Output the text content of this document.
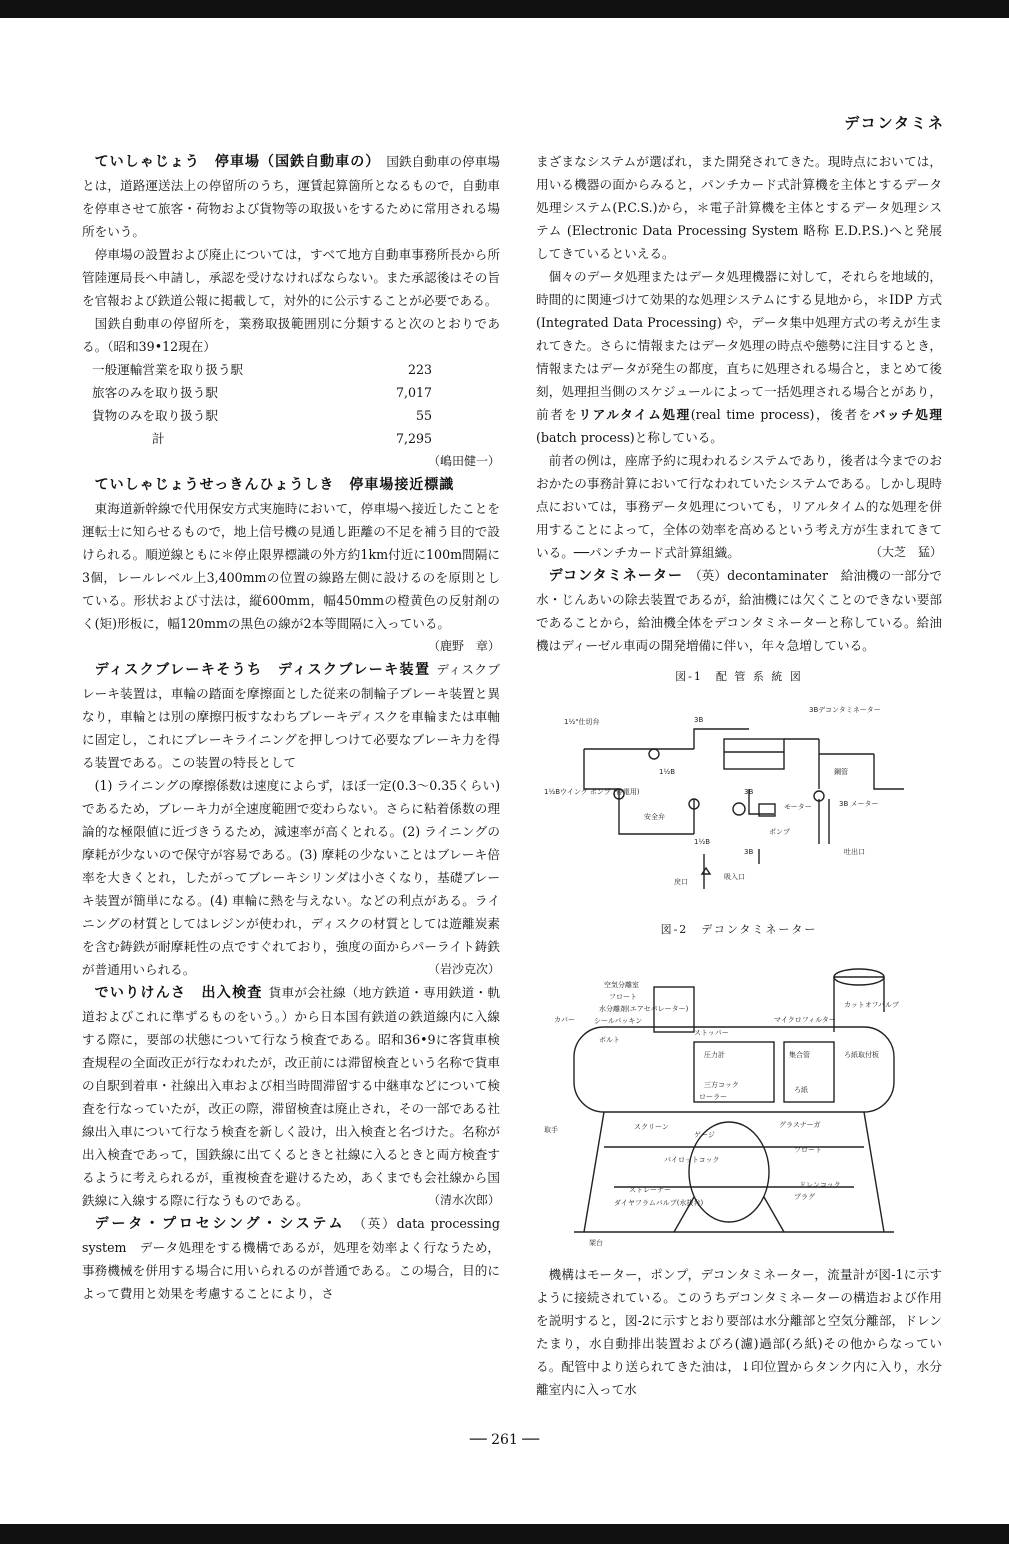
デコンタミネ

ていしゃじょう　停車場（国鉄自動車の） 国鉄自動車の停車場とは，道路運送法上の停留所のうち，運賃起算箇所となるもので，自動車を停車させて旅客・荷物および貨物等の取扱いをするために常用される場所をいう。

停車場の設置および廃止については，すべて地方自動車事務所長から所管陸運局長へ申請し，承認を受けなければならない。また承認後はその旨を官報および鉄道公報に掲載して，対外的に公示することが必要である。

国鉄自動車の停留所を，業務取扱範囲別に分類すると次のとおりである。（昭和39•12現在）

一般運輸営業を取り扱う駅	223
旅客のみを取り扱う駅	7,017
貨物のみを取り扱う駅	55
計	7,295

（嶋田健一）

ていしゃじょうせっきんひょうしき　停車場接近標識

東海道新幹線で代用保安方式実施時において，停車場へ接近したことを運転士に知らせるもので，地上信号機の見通し距離の不足を補う目的で設けられる。順逆線ともに＊停止限界標識の外方約1km付近に100m間隔に3個，レールレベル上3,400mmの位置の線路左側に設けるのを原則としている。形状および寸法は，縦600mm，幅450mmの橙黄色の反射剤のく(矩)形板に，幅120mmの黒色の線が2本等間隔に入っている。

（鹿野　章）

ディスクブレーキそうち　ディスクブレーキ装置 ディスクブレーキ装置は，車輪の踏面を摩擦面とした従来の制輪子ブレーキ装置と異なり，車輪とは別の摩擦円板すなわちブレーキディスクを車輪または車軸に固定し，これにブレーキライニングを押しつけて必要なブレーキ力を得る装置である。この装置の特長として

(1) ライニングの摩擦係数は速度によらず，ほぼ一定(0.3～0.35くらい)であるため，ブレーキ力が全速度範囲で変わらない。さらに粘着係数の理論的な極限値に近づきうるため，減速率が高くとれる。(2) ライニングの摩耗が少ないので保守が容易である。(3) 摩耗の少ないことはブレーキ倍率を大きくとれ，したがってブレーキシリンダは小さくなり，基礎ブレーキ装置が簡単になる。(4) 車輪に熱を与えない。などの利点がある。ライニングの材質としてはレジンが使われ，ディスクの材質としては遊離炭素を含む鋳鉄が耐摩耗性の点ですぐれており，強度の面からパーライト鋳鉄が普通用いられる。	（岩沙克次）

でいりけんさ　出入検査 貨車が会社線（地方鉄道・専用鉄道・軌道およびこれに準ずるものをいう。）から日本国有鉄道の鉄道線内に入線する際に，要部の状態について行なう検査である。昭和36•9に客貨車検査規程の全面改正が行なわれたが，改正前には滞留検査という名称で貨車の自駅到着車・社線出入車および相当時間滞留する中継車などについて検査を行なっていたが，改正の際，滞留検査は廃止され，その一部である社線出入車について行なう検査を新しく設け，出入検査と名づけた。名称が出入検査であって，国鉄線に出てくるときと社線に入るときと両方検査するように考えられるが，重複検査を避けるため，あくまでも会社線から国鉄線に入線する際に行なうものである。	（清水次郎）

データ・プロセシング・システム （英）data processing system　データ処理をする機構であるが，処理を効率よく行なうため，事務機械を併用する場合に用いられるのが普通である。この場合，目的によって費用と効果を考慮することにより，さ

まざまなシステムが選ばれ，また開発されてきた。現時点においては，用いる機器の面からみると，パンチカード式計算機を主体とするデータ処理システム(P.C.S.)から，＊電子計算機を主体とするデータ処理システム (Electronic Data Processing System 略称 E.D.P.S.)へと発展してきているといえる。

個々のデータ処理またはデータ処理機器に対して，それらを地域的，時間的に関連づけて効果的な処理システムにする見地から，＊IDP 方式 (Integrated Data Processing) や，データ集中処理方式の考えが生まれてきた。さらに情報またはデータ処理の時点や態勢に注目するとき，情報またはデータが発生の都度，直ちに処理される場合と，まとめて後刻，処理担当側のスケジュールによって一括処理される場合とがあり，前者をリアルタイム処理(real time process)，後者をバッチ処理(batch process)と称している。

前者の例は，座席予約に現われるシステムであり，後者は今までのおおかたの事務計算において行なわれていたシステムである。しかし現時点においては，事務データ処理についても，リアルタイム的な処理を併用することによって，全体の効率を高めるという考え方が生まれてきている。──パンチカード式計算組織。	（大芝　猛）

デコンタミネーター （英）decontaminater　給油機の一部分で水・じんあいの除去装置であるが，給油機には欠くことのできない要部であることから，給油機全体をデコンタミネーターと称している。給油機はディーゼル車両の開発増備に伴い，年々急増している。

図-1　配 管 系 統 図
1½"仕切弁	3B
3Bデコンタミネーター
1½B
1½Bウイング ポンプ (停電用)
安全弁
3B
モーター
鋼管
3B メーター
ポンプ
吐出口
1½B
3B
戻口
吸入口
図-2　デコンタミネーター
空気分離室
フロート
水分離剤(エアセパレーター)
シールパッキン
ボルト
ストッパー
圧力計	集合管
マイクロフィルター
カットオフバルブ
ろ紙取付板
三方コック
ローラー
ろ紙
カバー
取手	スクリーン
ゲージ
グラスナーガ
フロート
パイロットコック
ストレーナー
ダイヤフラムバルブ(水抜弁)
ドレンコック
プラグ
架台

機構はモーター，ポンプ，デコンタミネーター，流量計が図-1に示すように接続されている。このうちデコンタミネーターの構造および作用を説明すると，図-2に示すとおり要部は水分離部と空気分離部，ドレンたまり，水自動排出装置およびろ(濾)過部(ろ紙)その他からなっている。配管中より送られてきた油は，↓印位置からタンク内に入り，水分離室内に入って水

── 261 ──
